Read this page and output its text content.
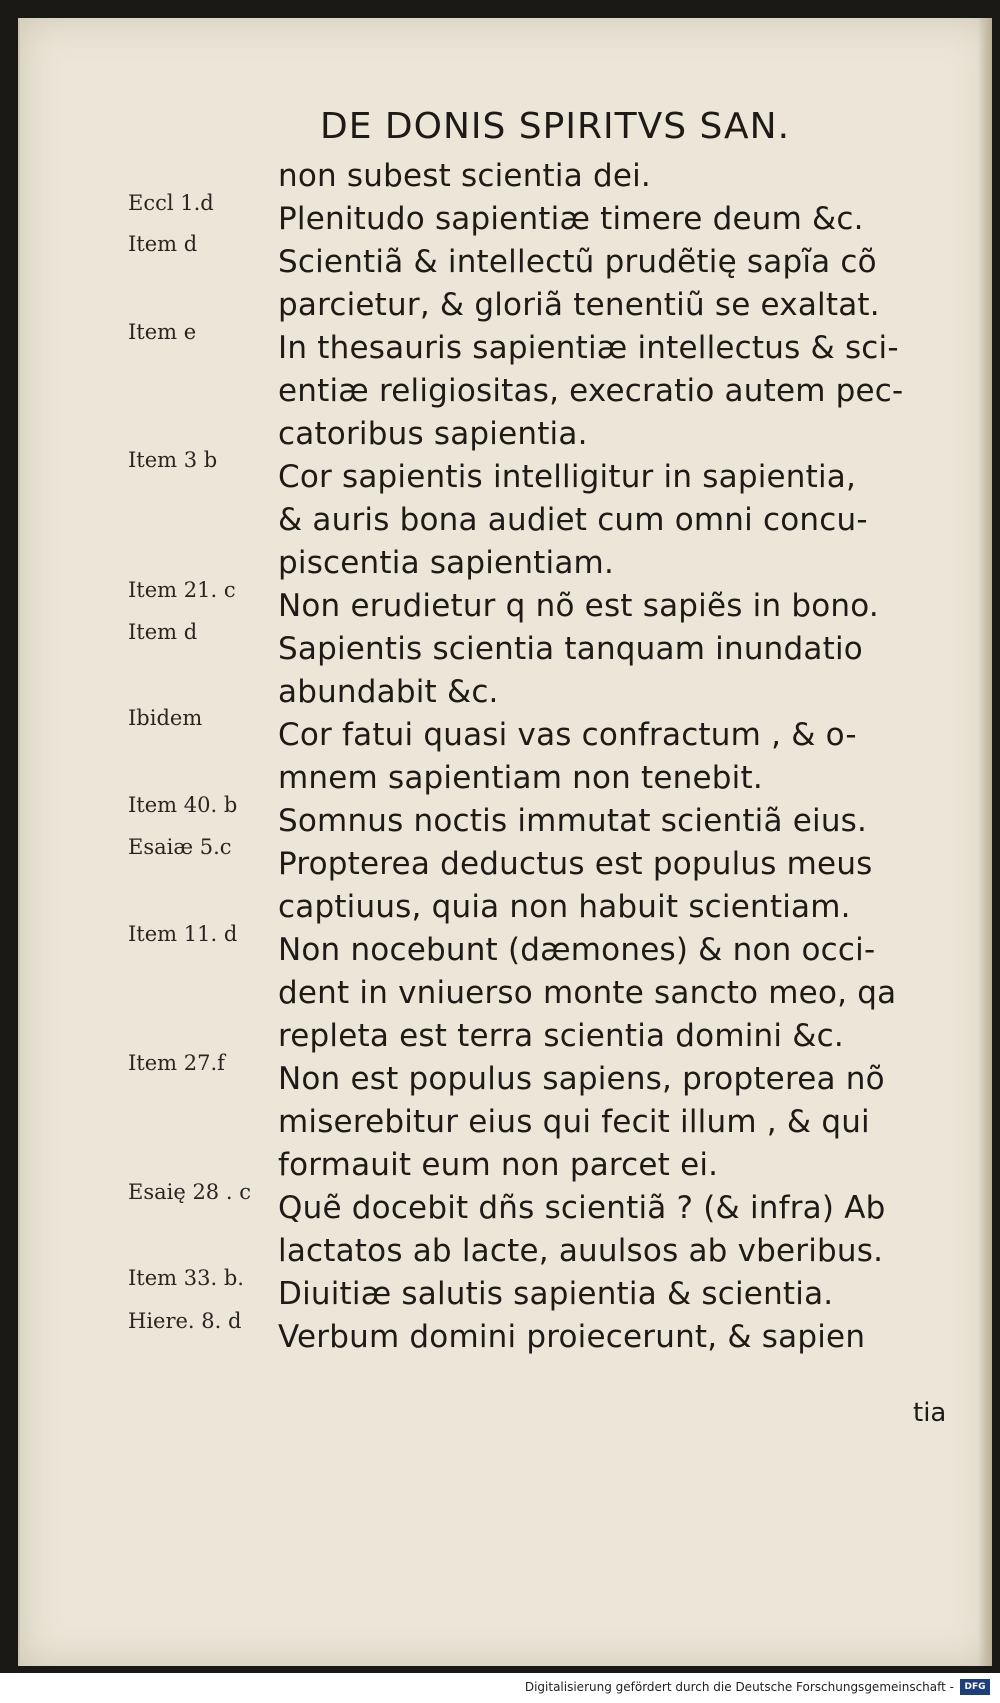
DE DONIS SPIRITVS SAN.
non subest scientia dei.
Plenitudo sapientiæ timere deum &c.
Scientiã & intellectũ prudẽtię sapĩa cõ
parcietur, & gloriã tenentiũ se exaltat.
In thesauris sapientiæ intellectus & sci-
entiæ religiositas, execratio autem pec-
catoribus sapientia.
Cor sapientis intelligitur in sapientia,
& auris bona audiet cum omni concu-
piscentia sapientiam.
Non erudietur q nõ est sapiẽs in bono.
Sapientis scientia tanquam inundatio
abundabit &c.
Cor fatui quasi vas confractum , & o-
mnem sapientiam non tenebit.
Somnus noctis immutat scientiã eius.
Propterea deductus est populus meus
captiuus, quia non habuit scientiam.
Non nocebunt (dæmones) & non occi-
dent in vniuerso monte sancto meo, qa
repleta est terra scientia domini &c.
Non est populus sapiens, propterea nõ
miserebitur eius qui fecit illum , & qui
formauit eum non parcet ei.
Quẽ docebit dñs scientiã ? (& infra) Ab
lactatos ab lacte, auulsos ab vberibus.
Diuitiæ salutis sapientia & scientia.
Verbum domini proiecerunt, & sapien
Eccl 1.d
Item d
Item e
Item 3 b
Item 21. c
Item d
Ibidem
Item 40. b
Esaiæ 5.c
Item 11. d
Item 27.f
Esaię 28 . c
Item 33. b.
Hiere. 8. d
tia
Digitalisierung gefördert durch die Deutsche Forschungsgemeinschaft -	DFG
